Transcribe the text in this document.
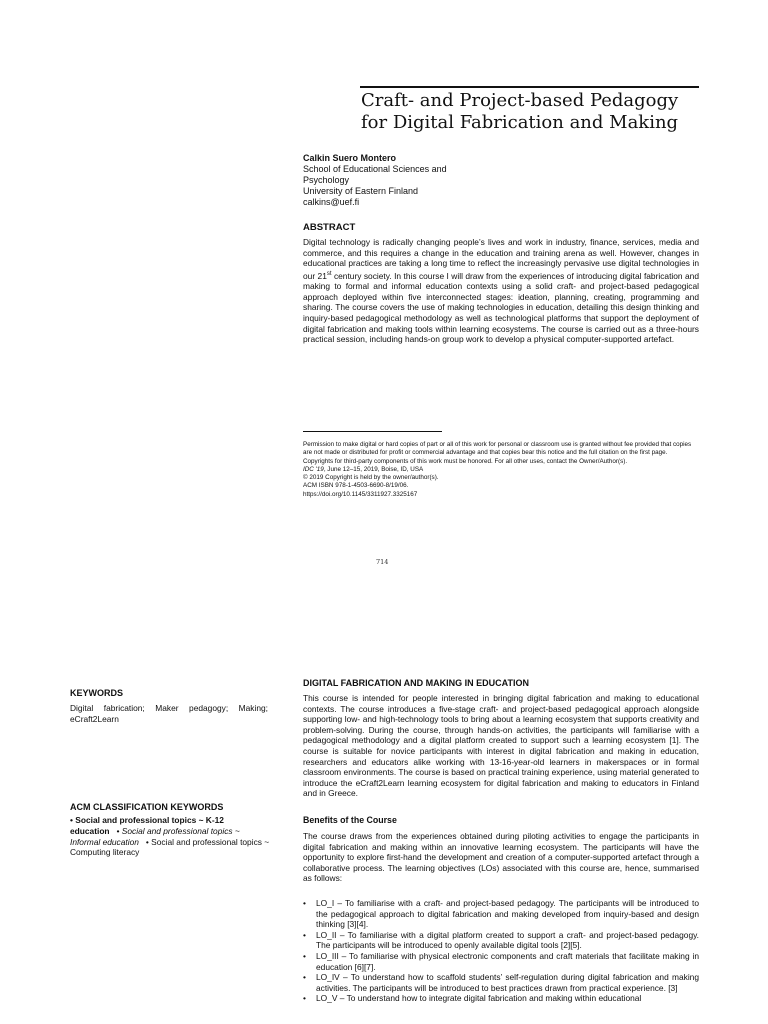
Craft- and Project-based Pedagogy
for Digital Fabrication and Making
Calkin Suero Montero
School of Educational Sciences and
Psychology
University of Eastern Finland
calkins@uef.fi
ABSTRACT
Digital technology is radically changing people’s lives and work in industry, finance, services, media and commerce, and this requires a change in the education and training arena as well. However, changes in educational practices are taking a long time to reflect the increasingly pervasive use digital technologies in our 21st century society. In this course I will draw from the experiences of introducing digital fabrication and making to formal and informal education contexts using a solid craft- and project-based pedagogical approach deployed within five interconnected stages: ideation, planning, creating, programming and sharing. The course covers the use of making technologies in education, detailing this design thinking and inquiry-based pedagogical methodology as well as technological platforms that support the deployment of digital fabrication and making tools within learning ecosystems. The course is carried out as a three-hours practical session, including hands-on group work to develop a physical computer-supported artefact.
Permission to make digital or hard copies of part or all of this work for personal or classroom use is granted without fee provided that copies are not made or distributed for profit or commercial advantage and that copies bear this notice and the full citation on the first page. Copyrights for third-party components of this work must be honored. For all other uses, contact the Owner/Author(s).
IDC '19, June 12–15, 2019, Boise, ID, USA
© 2019 Copyright is held by the owner/author(s).
ACM ISBN 978-1-4503-6690-8/19/06.
https://doi.org/10.1145/3311927.3325167
714
KEYWORDS
Digital fabrication; Maker pedagogy; Making; eCraft2Learn
ACM CLASSIFICATION KEYWORDS
• Social and professional topics ~ K-12 education • Social and professional topics ~ Informal education • Social and professional topics ~ Computing literacy
DIGITAL FABRICATION AND MAKING IN EDUCATION
This course is intended for people interested in bringing digital fabrication and making to educational contexts. The course introduces a five-stage craft- and project-based pedagogical approach alongside supporting low- and high-technology tools to bring about a learning ecosystem that supports creativity and problem-solving. During the course, through hands-on activities, the participants will familiarise with a pedagogical methodology and a digital platform created to support such a learning ecosystem [1]. The course is suitable for novice participants with interest in digital fabrication and making in education, researchers and educators alike working with 13-16-year-old learners in makerspaces or in formal classroom environments. The course is based on practical training experience, using material generated to introduce the eCraft2Learn learning ecosystem for digital fabrication and making to educators in Finland and in Greece.
Benefits of the Course
The course draws from the experiences obtained during piloting activities to engage the participants in digital fabrication and making within an innovative learning ecosystem. The participants will have the opportunity to explore first-hand the development and creation of a computer-supported artefact through a collaborative process. The learning objectives (LOs) associated with this course are, hence, summarised as follows:
• LO_I – To familiarise with a craft- and project-based pedagogy. The participants will be introduced to the pedagogical approach to digital fabrication and making developed from inquiry-based and design thinking [3][4].
• LO_II – To familiarise with a digital platform created to support a craft- and project-based pedagogy. The participants will be introduced to openly available digital tools [2][5].
• LO_III – To familiarise with physical electronic components and craft materials that facilitate making in education [6][7].
• LO_IV – To understand how to scaffold students’ self-regulation during digital fabrication and making activities. The participants will be introduced to best practices drawn from practical experience. [3]
• LO_V – To understand how to integrate digital fabrication and making within educational
